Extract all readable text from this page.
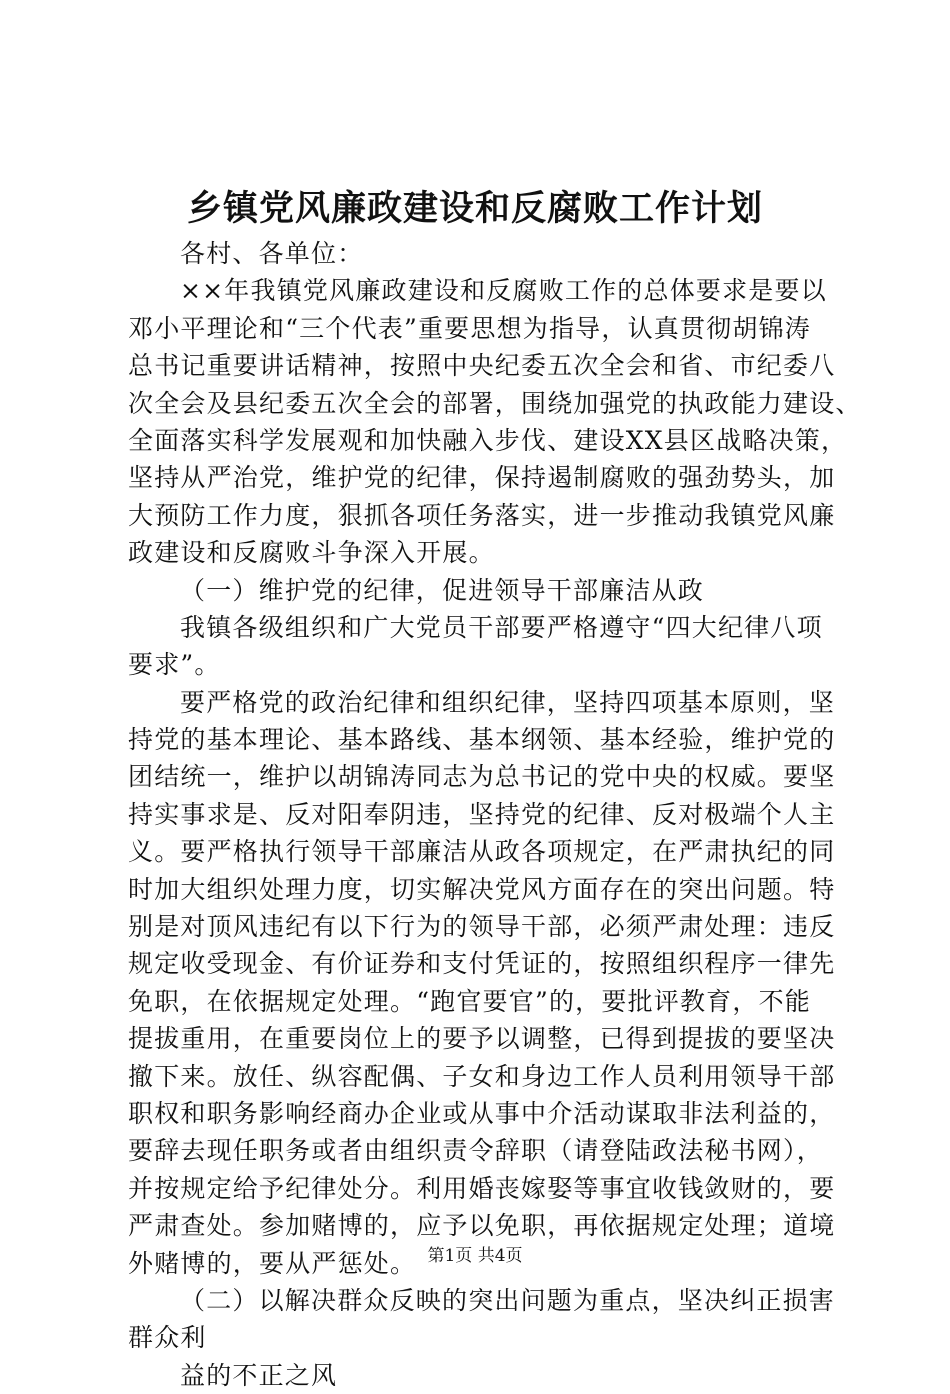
乡镇党风廉政建设和反腐败工作计划
各村、各单位：
××年我镇党风廉政建设和反腐败工作的总体要求是要以
邓小平理论和“三个代表”重要思想为指导，认真贯彻胡锦涛
总书记重要讲话精神，按照中央纪委五次全会和省、市纪委八
次全会及县纪委五次全会的部署，围绕加强党的执政能力建设、
全面落实科学发展观和加快融入步伐、建设XX县区战略决策，
坚持从严治党，维护党的纪律，保持遏制腐败的强劲势头，加
大预防工作力度，狠抓各项任务落实，进一步推动我镇党风廉
政建设和反腐败斗争深入开展。
（一）维护党的纪律，促进领导干部廉洁从政
我镇各级组织和广大党员干部要严格遵守“四大纪律八项
要求”。
要严格党的政治纪律和组织纪律，坚持四项基本原则，坚
持党的基本理论、基本路线、基本纲领、基本经验，维护党的
团结统一，维护以胡锦涛同志为总书记的党中央的权威。要坚
持实事求是、反对阳奉阴违，坚持党的纪律、反对极端个人主
义。要严格执行领导干部廉洁从政各项规定，在严肃执纪的同
时加大组织处理力度，切实解决党风方面存在的突出问题。特
别是对顶风违纪有以下行为的领导干部，必须严肃处理：违反
规定收受现金、有价证券和支付凭证的，按照组织程序一律先
免职，在依据规定处理。“跑官要官”的，要批评教育，不能
提拔重用，在重要岗位上的要予以调整，已得到提拔的要坚决
撤下来。放任、纵容配偶、子女和身边工作人员利用领导干部
职权和职务影响经商办企业或从事中介活动谋取非法利益的，
要辞去现任职务或者由组织责令辞职（请登陆政法秘书网），
并按规定给予纪律处分。利用婚丧嫁娶等事宜收钱敛财的，要
严肃查处。参加赌博的，应予以免职，再依据规定处理；道境
外赌博的，要从严惩处。
（二）以解决群众反映的突出问题为重点，坚决纠正损害
群众利
益的不正之风
第1页 共4页
